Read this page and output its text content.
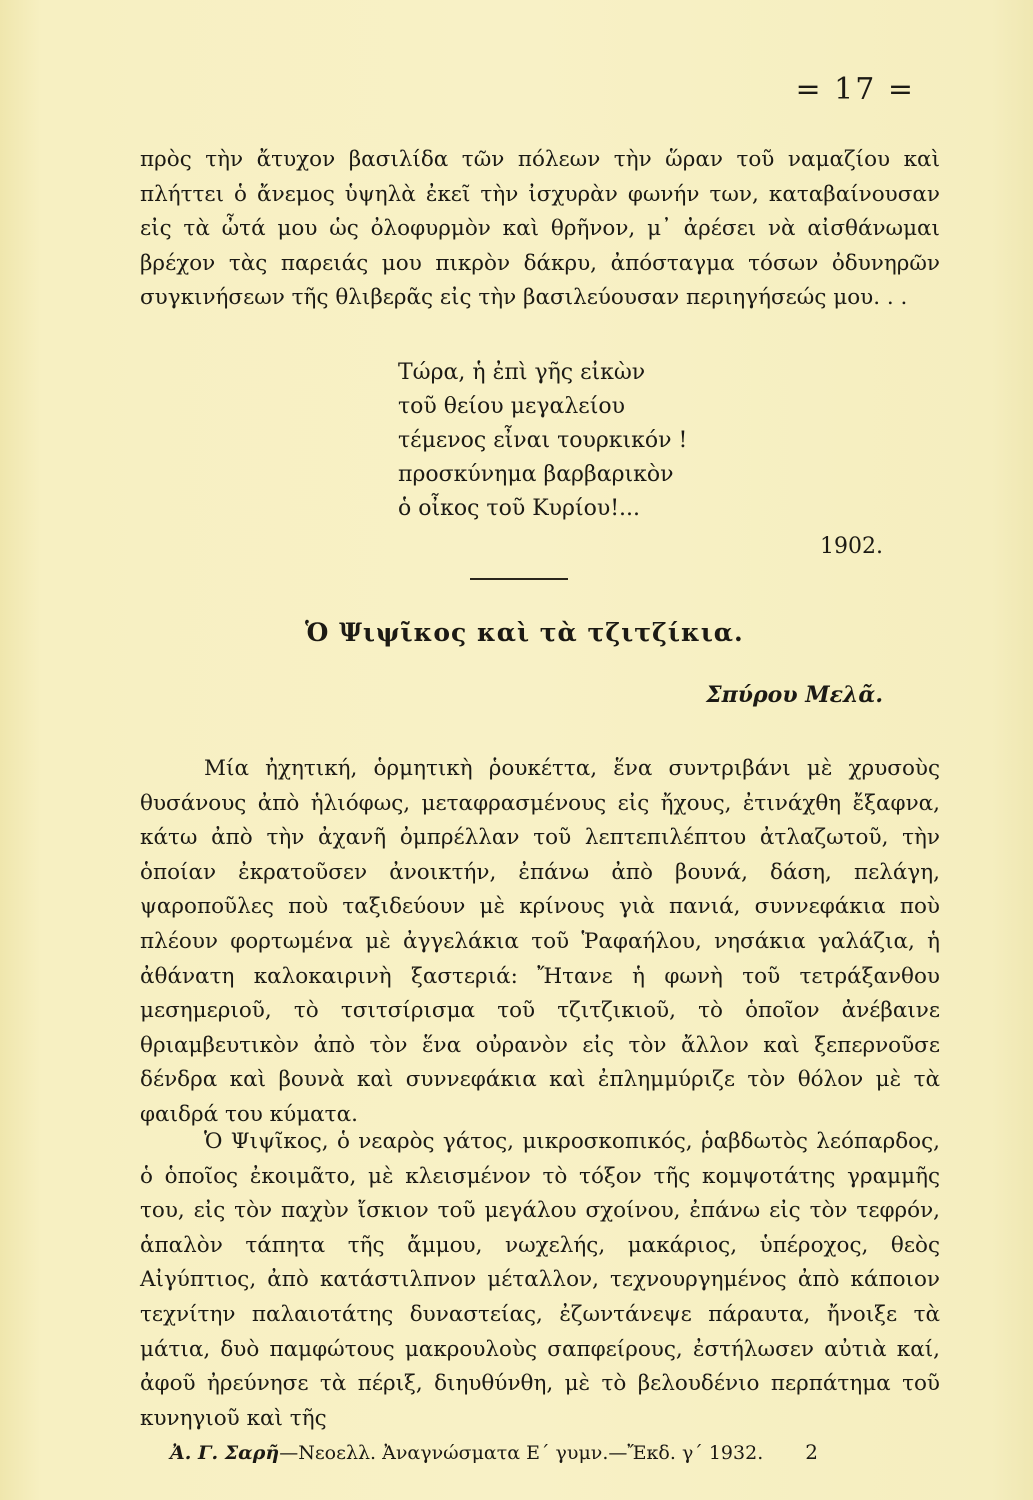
= 17 =
πρὸς τὴν ἄτυχον βασιλίδα τῶν πόλεων τὴν ὥραν τοῦ ναμαζίου καὶ πλήττει ὁ ἄνεμος ὑψηλὰ ἐκεῖ τὴν ἰσχυρὰν φωνήν των, καταβαίνουσαν εἰς τὰ ὦτά μου ὡς ὀλοφυρμὸν καὶ θρῆνον, μ᾿ ἀρέσει νὰ αἰσθάνωμαι βρέχον τὰς παρειάς μου πικρὸν δάκρυ, ἀπόσταγμα τόσων ὀδυνηρῶν συγκινήσεων τῆς θλιβερᾶς εἰς τὴν βασιλεύουσαν περιηγήσεώς μου. . .
Τώρα, ἡ ἐπὶ γῆς εἰκὼν
τοῦ θείου μεγαλείου
τέμενος εἶναι τουρκικόν !
προσκύνημα βαρβαρικὸν
ὁ οἶκος τοῦ Κυρίου!...
1902.
Ὁ Ψιψῖκος καὶ τὰ τζιτζίκια.
Σπύρου Μελᾶ.
Μία ἠχητική, ὁρμητικὴ ῥουκέττα, ἕνα συντριβάνι μὲ χρυσοὺς θυσάνους ἀπὸ ἡλιόφως, μεταφρασμένους εἰς ἤχους, ἐτινάχθη ἔξαφνα, κάτω ἀπὸ τὴν ἀχανῆ ὀμπρέλλαν τοῦ λεπτεπιλέπτου ἀτλαζωτοῦ, τὴν ὁποίαν ἐκρατοῦσεν ἀνοικτήν, ἐπάνω ἀπὸ βουνά, δάση, πελάγη, ψαροποῦλες ποὺ ταξιδεύουν μὲ κρίνους γιὰ πανιά, συννεφάκια ποὺ πλέουν φορτωμένα μὲ ἀγγελάκια τοῦ Ῥαφαήλου, νησάκια γαλάζια, ἡ ἀθάνατη καλοκαιρινὴ ξαστεριά: Ἤτανε ἡ φωνὴ τοῦ τετράξανθου μεσημεριοῦ, τὸ τσιτσίρισμα τοῦ τζιτζικιοῦ, τὸ ὁποῖον ἀνέβαινε θριαμβευτικὸν ἀπὸ τὸν ἕνα οὐρανὸν εἰς τὸν ἄλλον καὶ ξεπερνοῦσε δένδρα καὶ βουνὰ καὶ συννεφάκια καὶ ἐπλημμύριζε τὸν θόλον μὲ τὰ φαιδρά του κύματα.
Ὁ Ψιψῖκος, ὁ νεαρὸς γάτος, μικροσκοπικός, ῥαβδωτὸς λεόπαρδος, ὁ ὁποῖος ἐκοιμᾶτο, μὲ κλεισμένον τὸ τόξον τῆς κομψοτάτης γραμμῆς του, εἰς τὸν παχὺν ἴσκιον τοῦ μεγάλου σχοίνου, ἐπάνω εἰς τὸν τεφρόν, ἁπαλὸν τάπητα τῆς ἄμμου, νωχελής, μακάριος, ὑπέροχος, θεὸς Αἰγύπτιος, ἀπὸ κατάστιλπνον μέταλλον, τεχνουργημένος ἀπὸ κάποιον τεχνίτην παλαιοτάτης δυναστείας, ἐζωντάνεψε πάραυτα, ἤνοιξε τὰ μάτια, δυὸ παμφώτους μακρουλοὺς σαπφείρους, ἐστήλωσεν αὐτιὰ καί, ἀφοῦ ἠρεύνησε τὰ πέριξ, διηυθύνθη, μὲ τὸ βελουδένιο περπάτημα τοῦ κυνηγιοῦ καὶ τῆς
Ἀ. Γ. Σαρῆ—Νεοελλ. Ἀναγνώσματα Ε΄ γυμν.—Ἔκδ. γ΄ 1932. 2
